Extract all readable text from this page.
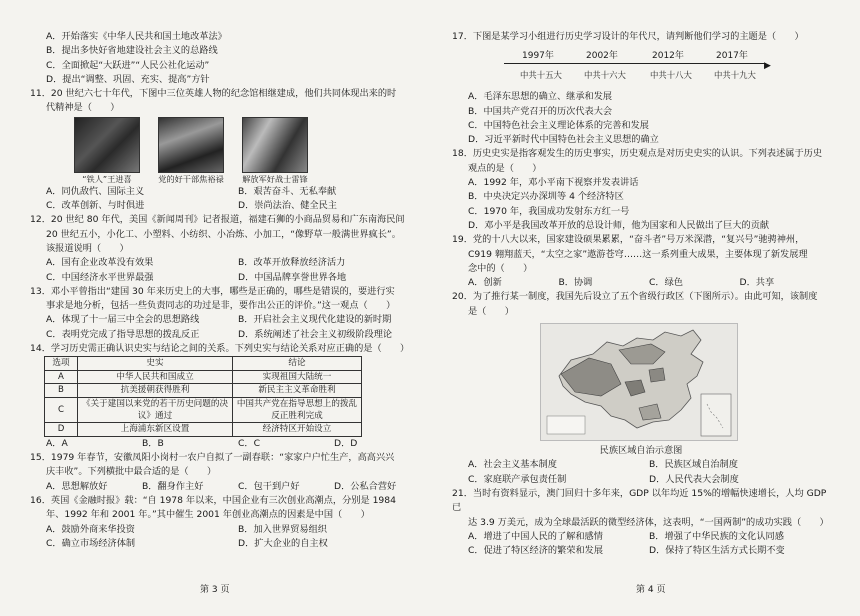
A．开始落实《中华人民共和国土地改革法》
B．提出多快好省地建设社会主义的总路线
C．全面掀起“大跃进”“人民公社化运动”
D．提出“调整、巩固、充实、提高”方针
11．20 世纪六七十年代，下图中三位英雄人物的纪念馆相继建成，他们共同体现出来的时
代精神是（　　）
“铁人”王进喜	党的好干部焦裕禄	解放军好战士雷锋
A．同仇敌忾、国际主义	B．艰苦奋斗、无私奉献
C．改革创新、与时俱进	D．崇尚法治、健全民主
12．20 世纪 80 年代，美国《新闻周刊》记者报道，福建石狮的小商品贸易和广东南海民间
20 世纪五小，小化工、小塑料、小纺织、小冶炼、小加工，“像野草一般满世界疯长”。
该报道说明（　　）
A．国有企业改革没有效果	B．改革开放释放经济活力
C．中国经济水平世界最强	D．中国品牌享誉世界各地
13．邓小平曾指出“建国 30 年来历史上的大事，哪些是正确的，哪些是错误的，要进行实
事求是地分析，包括一些负责同志的功过是非，要作出公正的评价。”这一观点（　　）
A．体现了十一届三中全会的思想路线	B．开启社会主义现代化建设的新时期
C．表明党完成了指导思想的拨乱反正	D．系统阐述了社会主义初级阶段理论
14．学习历史需正确认识史实与结论之间的关系。下列史实与结论关系对应正确的是（　　）
选项	史实	结论
A	中华人民共和国成立	实现祖国大陆统一
B	抗美援朝获得胜利	新民主主义革命胜利
C	《关于建国以来党的若干历史问题的决议》通过	中国共产党在指导思想上的拨乱反正胜利完成
D	上海浦东新区设置	经济特区开始设立
A．A	B．B	C．C	D．D
15．1979 年春节，安徽凤阳小岗村一农户自拟了一副春联：“家家户户忙生产，高高兴兴
庆丰收”。下列横批中最合适的是（　　）
A．思想解放好	B．翻身作主好	C．包干到户好	D．公私合营好
16．英国《金融时报》载：“自 1978 年以来，中国企业有三次创业高潮点，分别是 1984
年、1992 年和 2001 年。”其中催生 2001 年创业高潮点的因素是中国（　　）
A．鼓励外商来华投资	B．加入世界贸易组织
C．确立市场经济体制	D．扩大企业的自主权
第 3 页
17．下图是某学习小组进行历史学习设计的年代尺，请判断他们学习的主题是（　　）
▶
1997年	2002年	2012年	2017年
中共十五大	中共十六大	中共十八大	中共十九大
A．毛泽东思想的确立、继承和发展
B．中国共产党召开的历次代表大会
C．中国特色社会主义理论体系的完善和发展
D．习近平新时代中国特色社会主义思想的确立
18．历史史实是指客观发生的历史事实，历史观点是对历史史实的认识。下列表述属于历史
观点的是（　　）
A．1992 年，邓小平南下视察并发表讲话
B．中央决定兴办深圳等 4 个经济特区
C．1970 年，我国成功发射东方红一号
D．邓小平是我国改革开放的总设计师，他为国家和人民做出了巨大的贡献
19．党的十八大以来，国家建设硕果累累，“奋斗者”号万米深潜，“复兴号”驰骋神州，
C919 翱翔蓝天，“太空之家”遨游苍穹……这一系列重大成果，主要体现了新发展理
念中的（　　）
A．创新	B．协调	C．绿色	D．共享
20．为了推行某一制度，我国先后设立了五个省级行政区（下图所示）。由此可知，该制度
是（　　）
民族区域自治示意图
A．社会主义基本制度	B．民族区域自治制度
C．家庭联产承包责任制	D．人民代表大会制度
21．当时有资料显示，澳门回归十多年来，GDP 以年均近 15%的增幅快速增长，人均 GDP 已
达 3.9 万美元，成为全球最活跃的微型经济体，这表明，“一国两制”的成功实践（　　）
A．增进了中国人民的了解和感情	B．增强了中华民族的文化认同感
C．促进了特区经济的繁荣和发展	D．保持了特区生活方式长期不变
第 4 页
